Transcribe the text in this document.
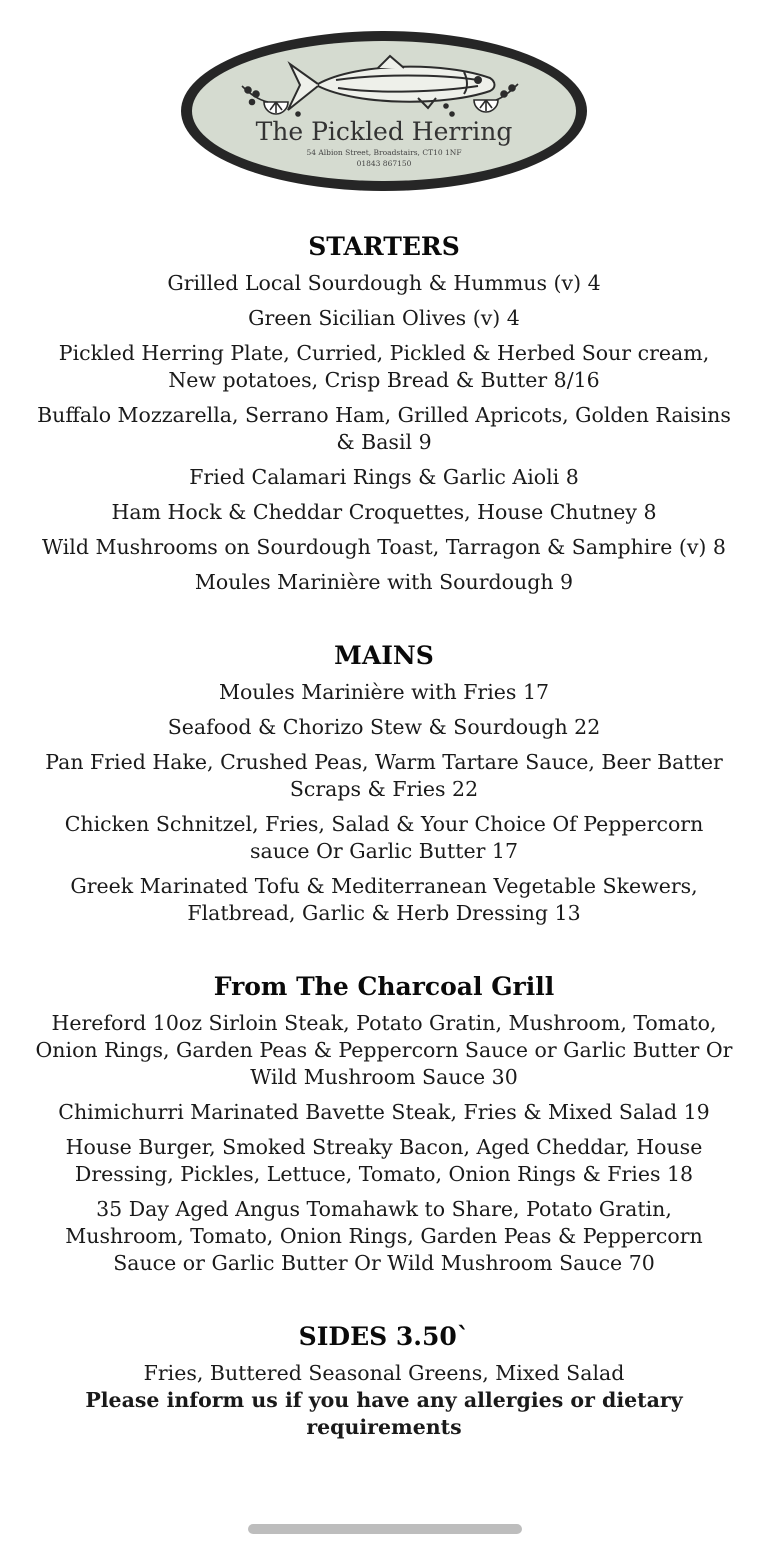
The Pickled Herring
54 Albion Street, Broadstairs, CT10 1NF
01843 867150
STARTERS
Grilled Local Sourdough & Hummus (v) 4
Green Sicilian Olives (v) 4
Pickled Herring Plate, Curried, Pickled & Herbed Sour cream, New potatoes, Crisp Bread & Butter 8/16
Buffalo Mozzarella, Serrano Ham, Grilled Apricots, Golden Raisins & Basil 9
Fried Calamari Rings & Garlic Aioli 8
Ham Hock & Cheddar Croquettes, House Chutney 8
Wild Mushrooms on Sourdough Toast, Tarragon & Samphire (v) 8
Moules Marinière with Sourdough 9
MAINS
Moules Marinière with Fries 17
Seafood & Chorizo Stew & Sourdough 22
Pan Fried Hake, Crushed Peas, Warm Tartare Sauce, Beer Batter Scraps & Fries 22
Chicken Schnitzel, Fries, Salad & Your Choice Of Peppercorn sauce Or Garlic Butter 17
Greek Marinated Tofu & Mediterranean Vegetable Skewers, Flatbread, Garlic & Herb Dressing 13
From The Charcoal Grill
Hereford 10oz Sirloin Steak, Potato Gratin, Mushroom, Tomato, Onion Rings, Garden Peas & Peppercorn Sauce or Garlic Butter Or Wild Mushroom Sauce 30
Chimichurri Marinated Bavette Steak, Fries & Mixed Salad 19
House Burger, Smoked Streaky Bacon, Aged Cheddar, House Dressing, Pickles, Lettuce, Tomato, Onion Rings & Fries 18
35 Day Aged Angus Tomahawk to Share, Potato Gratin, Mushroom, Tomato, Onion Rings, Garden Peas & Peppercorn Sauce or Garlic Butter Or Wild Mushroom Sauce 70
SIDES 3.50`
Fries, Buttered Seasonal Greens, Mixed Salad
Please inform us if you have any allergies or dietary requirements
